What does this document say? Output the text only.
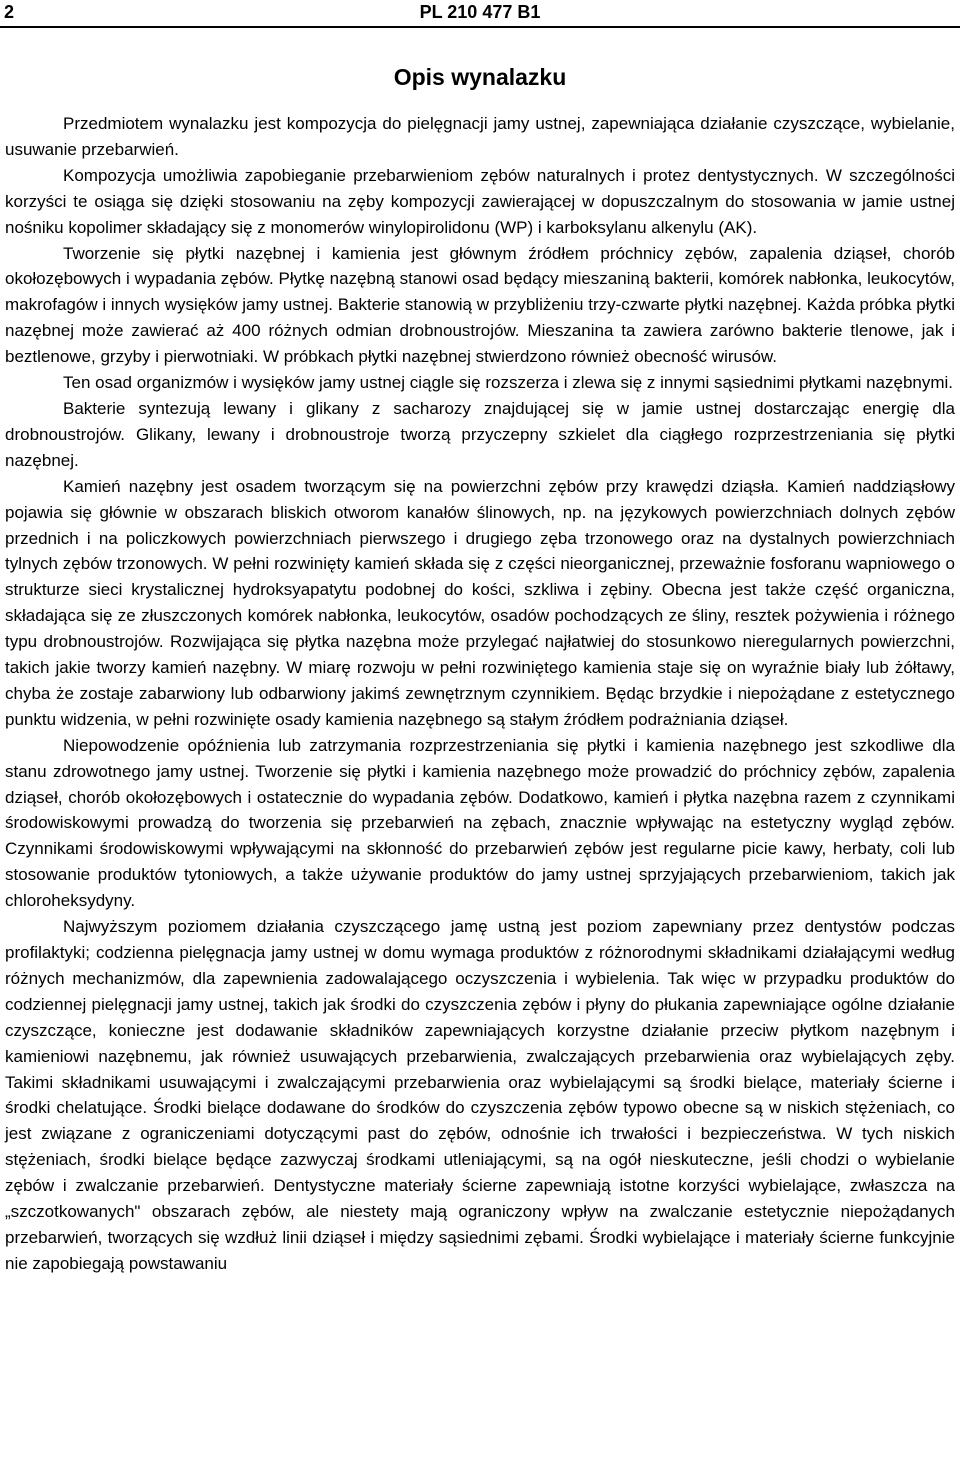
2	PL 210 477 B1
Opis wynalazku

Przedmiotem wynalazku jest kompozycja do pielęgnacji jamy ustnej, zapewniająca działanie czyszczące, wybielanie, usuwanie przebarwień.

Kompozycja umożliwia zapobieganie przebarwieniom zębów naturalnych i protez dentystycznych. W szczególności korzyści te osiąga się dzięki stosowaniu na zęby kompozycji zawierającej w dopuszczalnym do stosowania w jamie ustnej nośniku kopolimer składający się z monomerów winylopirolidonu (WP) i karboksylanu alkenylu (AK).

Tworzenie się płytki nazębnej i kamienia jest głównym źródłem próchnicy zębów, zapalenia dziąseł, chorób okołozębowych i wypadania zębów. Płytkę nazębną stanowi osad będący mieszaniną bakterii, komórek nabłonka, leukocytów, makrofagów i innych wysięków jamy ustnej. Bakterie stanowią w przybliżeniu trzy-czwarte płytki nazębnej. Każda próbka płytki nazębnej może zawierać aż 400 różnych odmian drobnoustrojów. Mieszanina ta zawiera zarówno bakterie tlenowe, jak i beztlenowe, grzyby i pierwotniaki. W próbkach płytki nazębnej stwierdzono również obecność wirusów.

Ten osad organizmów i wysięków jamy ustnej ciągle się rozszerza i zlewa się z innymi sąsiednimi płytkami nazębnymi.

Bakterie syntezują lewany i glikany z sacharozy znajdującej się w jamie ustnej dostarczając energię dla drobnoustrojów. Glikany, lewany i drobnoustroje tworzą przyczepny szkielet dla ciągłego rozprzestrzeniania się płytki nazębnej.

Kamień nazębny jest osadem tworzącym się na powierzchni zębów przy krawędzi dziąsła. Kamień naddziąsłowy pojawia się głównie w obszarach bliskich otworom kanałów ślinowych, np. na językowych powierzchniach dolnych zębów przednich i na policzkowych powierzchniach pierwszego i drugiego zęba trzonowego oraz na dystalnych powierzchniach tylnych zębów trzonowych. W pełni rozwinięty kamień składa się z części nieorganicznej, przeważnie fosforanu wapniowego o strukturze sieci krystalicznej hydroksyapatytu podobnej do kości, szkliwa i zębiny. Obecna jest także część organiczna, składająca się ze złuszczonych komórek nabłonka, leukocytów, osadów pochodzących ze śliny, resztek pożywienia i różnego typu drobnoustrojów. Rozwijająca się płytka nazębna może przylegać najłatwiej do stosunkowo nieregularnych powierzchni, takich jakie tworzy kamień nazębny. W miarę rozwoju w pełni rozwiniętego kamienia staje się on wyraźnie biały lub żółtawy, chyba że zostaje zabarwiony lub odbarwiony jakimś zewnętrznym czynnikiem. Będąc brzydkie i niepożądane z estetycznego punktu widzenia, w pełni rozwinięte osady kamienia nazębnego są stałym źródłem podrażniania dziąseł.

Niepowodzenie opóźnienia lub zatrzymania rozprzestrzeniania się płytki i kamienia nazębnego jest szkodliwe dla stanu zdrowotnego jamy ustnej. Tworzenie się płytki i kamienia nazębnego może prowadzić do próchnicy zębów, zapalenia dziąseł, chorób okołozębowych i ostatecznie do wypadania zębów. Dodatkowo, kamień i płytka nazębna razem z czynnikami środowiskowymi prowadzą do tworzenia się przebarwień na zębach, znacznie wpływając na estetyczny wygląd zębów. Czynnikami środowiskowymi wpływającymi na skłonność do przebarwień zębów jest regularne picie kawy, herbaty, coli lub stosowanie produktów tytoniowych, a także używanie produktów do jamy ustnej sprzyjających przebarwieniom, takich jak chloroheksydyny.

Najwyższym poziomem działania czyszczącego jamę ustną jest poziom zapewniany przez dentystów podczas profilaktyki; codzienna pielęgnacja jamy ustnej w domu wymaga produktów z różnorodnymi składnikami działającymi według różnych mechanizmów, dla zapewnienia zadowalającego oczyszczenia i wybielenia. Tak więc w przypadku produktów do codziennej pielęgnacji jamy ustnej, takich jak środki do czyszczenia zębów i płyny do płukania zapewniające ogólne działanie czyszczące, konieczne jest dodawanie składników zapewniających korzystne działanie przeciw płytkom nazębnym i kamieniowi nazębnemu, jak również usuwających przebarwienia, zwalczających przebarwienia oraz wybielających zęby. Takimi składnikami usuwającymi i zwalczającymi przebarwienia oraz wybielającymi są środki bielące, materiały ścierne i środki chelatujące. Środki bielące dodawane do środków do czyszczenia zębów typowo obecne są w niskich stężeniach, co jest związane z ograniczeniami dotyczącymi past do zębów, odnośnie ich trwałości i bezpieczeństwa. W tych niskich stężeniach, środki bielące będące zazwyczaj środkami utleniającymi, są na ogół nieskuteczne, jeśli chodzi o wybielanie zębów i zwalczanie przebarwień. Dentystyczne materiały ścierne zapewniają istotne korzyści wybielające, zwłaszcza na „szczotkowanych" obszarach zębów, ale niestety mają ograniczony wpływ na zwalczanie estetycznie niepożądanych przebarwień, tworzących się wzdłuż linii dziąseł i między sąsiednimi zębami. Środki wybielające i materiały ścierne funkcyjnie nie zapobiegają powstawaniu
